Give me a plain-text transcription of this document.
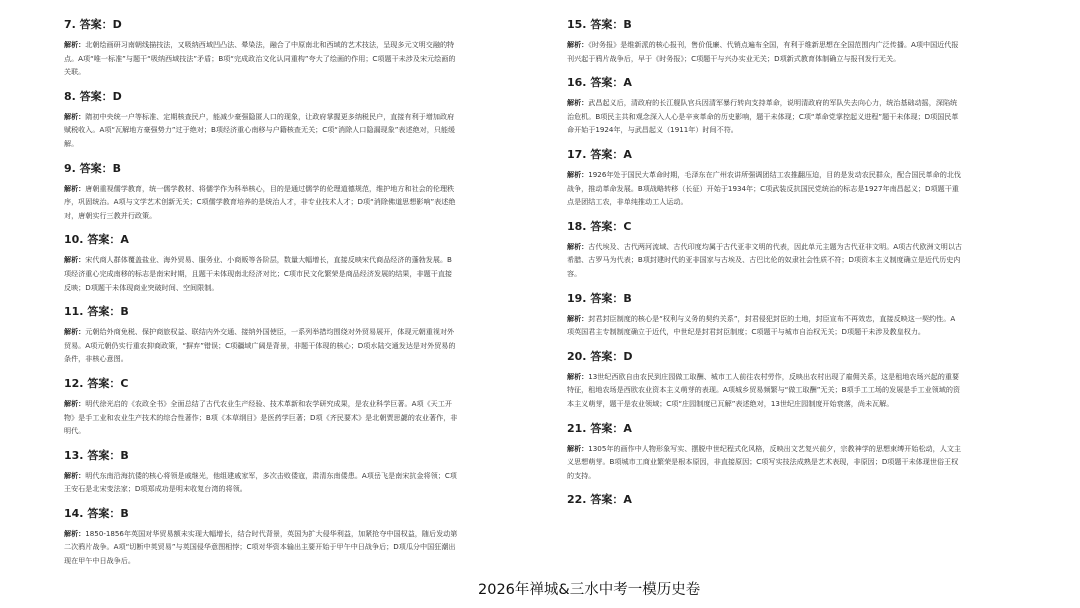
7. 答案：D

解析：北朝绘画研习南朝线描技法，又吸纳西域凹凸法、晕染法，融合了中原南北和西域的艺术技法，呈现多元文明交融的特点。A项“唯一标准”与题干“吸纳西域技法”矛盾；B项“完成政治文化认同重构”夸大了绘画的作用；C项题干未涉及宋元绘画的关联。

8. 答案：D

解析：隋初中央统一户等标准、定期核查民户，能减少豪强隐匿人口的现象，让政府掌握更多纳税民户，直接有利于增加政府赋税收入。A项“瓦解地方豪强势力”过于绝对；B项经济重心南移与户籍核查无关；C项“消除人口隐漏现象”表述绝对，只能缓解。

9. 答案：B

解析：唐朝重视儒学教育，统一儒学教材、将儒学作为科举核心，目的是通过儒学的伦理道德规范，维护地方和社会的伦理秩序，巩固统治。A项与文学艺术创新无关；C项儒学教育培养的是统治人才，非专业技术人才；D项“消除佛道思想影响”表述绝对，唐朝实行三教并行政策。

10. 答案：A

解析：宋代商人群体覆盖盐业、海外贸易、服务业、小商贩等各阶层，数量大幅增长，直接反映宋代商品经济的蓬勃发展。B项经济重心完成南移的标志是南宋时期，且题干未体现南北经济对比；C项市民文化繁荣是商品经济发展的结果，非题干直接反映；D项题干未体现商业突破时间、空间限制。

11. 答案：B

解析：元朝给外商免税、保护商旅权益、联结内外交通、接纳外国使臣，一系列举措均围绕对外贸易展开，体现元朝重视对外贸易。A项元朝仍实行重农抑商政策，“摒弃”错误；C项疆域广阔是背景，非题干体现的核心；D项水陆交通发达是对外贸易的条件，非核心意图。

12. 答案：C

解析：明代徐光启的《农政全书》全面总结了古代农业生产经验、技术革新和农学研究成果，是农业科学巨著。A项《天工开物》是手工业和农业生产技术的综合性著作；B项《本草纲目》是医药学巨著；D项《齐民要术》是北朝贾思勰的农业著作，非明代。

13. 答案：B

解析：明代东南沿海抗倭的核心将领是戚继光，他组建戚家军，多次击败倭寇，肃清东南倭患。A项岳飞是南宋抗金将领；C项王安石是北宋变法家；D项郑成功是明末收复台湾的将领。

14. 答案：B

解析：1850-1856年英国对华贸易额未实现大幅增长，结合时代背景，英国为扩大侵华利益，加紧抢夺中国权益，随后发动第二次鸦片战争。A项“切断中英贸易”与英国侵华意图相悖；C项对华资本输出主要开始于甲午中日战争后；D项瓜分中国狂潮出现在甲午中日战争后。

15. 答案：B

解析：《时务报》是维新派的核心报刊，售价低廉、代销点遍布全国，有利于维新思想在全国范围内广泛传播。A项中国近代报刊兴起于鸦片战争后，早于《时务报》；C项题干与兴办实业无关；D项新式教育体制确立与报刊发行无关。

16. 答案：A

解析：武昌起义后，清政府的长江舰队官兵因清军暴行转向支持革命，说明清政府的军队失去向心力，统治基础动摇，深陷统治危机。B项民主共和观念深入人心是辛亥革命的历史影响，题干未体现；C项“革命党掌控起义进程”题干未体现；D项国民革命开始于1924年，与武昌起义（1911年）时间不符。

17. 答案：A

解析：1926年处于国民大革命时期，毛泽东在广州农讲所强调团结工农推翻压迫，目的是发动农民群众，配合国民革命的北伐战争，推动革命发展。B项战略转移（长征）开始于1934年；C项武装反抗国民党统治的标志是1927年南昌起义；D项题干重点是团结工农，非单纯推动工人运动。

18. 答案：C

解析：古代埃及、古代两河流域、古代印度均属于古代亚非文明的代表，因此单元主题为古代亚非文明。A项古代欧洲文明以古希腊、古罗马为代表；B项封建时代的亚非国家与古埃及、古巴比伦的奴隶社会性质不符；D项资本主义制度确立是近代历史内容。

19. 答案：B

解析：封君封臣制度的核心是“权利与义务的契约关系”，封君侵犯封臣的土地，封臣宣布不再效忠，直接反映这一契约性。A项英国君主专制制度确立于近代，中世纪是封君封臣制度；C项题干与城市自治权无关；D项题干未涉及教皇权力。

20. 答案：D

解析：13世纪西欧自由农民到庄园做工取酬、城市工人前往农村劳作，反映出农村出现了雇佣关系，这是租地农场兴起的重要特征，租地农场是西欧农业资本主义萌芽的表现。A项城乡贸易频繁与“做工取酬”无关；B项手工工场的发展是手工业领域的资本主义萌芽，题干是农业领域；C项“庄园制度已瓦解”表述绝对，13世纪庄园制度开始衰落，尚未瓦解。

21. 答案：A

解析：1305年的画作中人物形象写实、摆脱中世纪程式化风格，反映出文艺复兴前夕，宗教神学的思想束缚开始松动，人文主义思想萌芽。B项城市工商业繁荣是根本原因，非直接原因；C项写实技法成熟是艺术表现，非原因；D项题干未体现世俗王权的支持。

22. 答案：A
2026年禅城&三水中考一模历史卷
